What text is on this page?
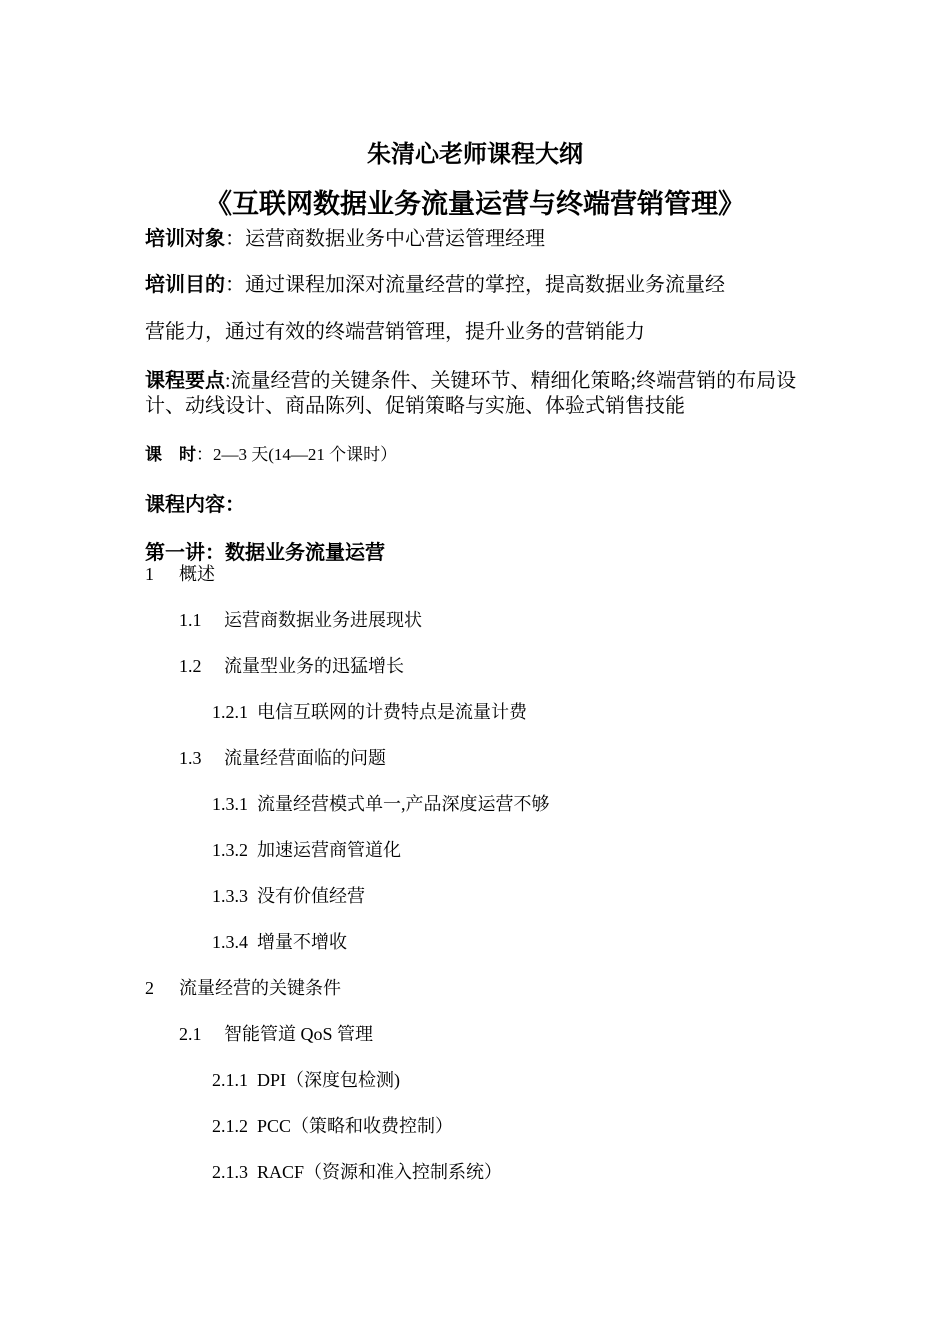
朱清心老师课程大纲
《互联网数据业务流量运营与终端营销管理》
培训对象：运营商数据业务中心营运管理经理
培训目的：通过课程加深对流量经营的掌控，提高数据业务流量经
营能力，通过有效的终端营销管理，提升业务的营销能力
课程要点:流量经营的关键条件、关键环节、精细化策略;终端营销的布局设计、动线设计、商品陈列、促销策略与实施、体验式销售技能
课　时：2—3 天(14—21 个课时）
课程内容：
第一讲：数据业务流量运营
1 概述
1.1 运营商数据业务进展现状
1.2 流量型业务的迅猛增长
1.2.1 电信互联网的计费特点是流量计费
1.3 流量经营面临的问题
1.3.1 流量经营模式单一,产品深度运营不够
1.3.2 加速运营商管道化
1.3.3 没有价值经营
1.3.4 增量不增收
2 流量经营的关键条件
2.1 智能管道 QoS 管理
2.1.1 DPI（深度包检测)
2.1.2 PCC（策略和收费控制）
2.1.3 RACF（资源和准入控制系统）
